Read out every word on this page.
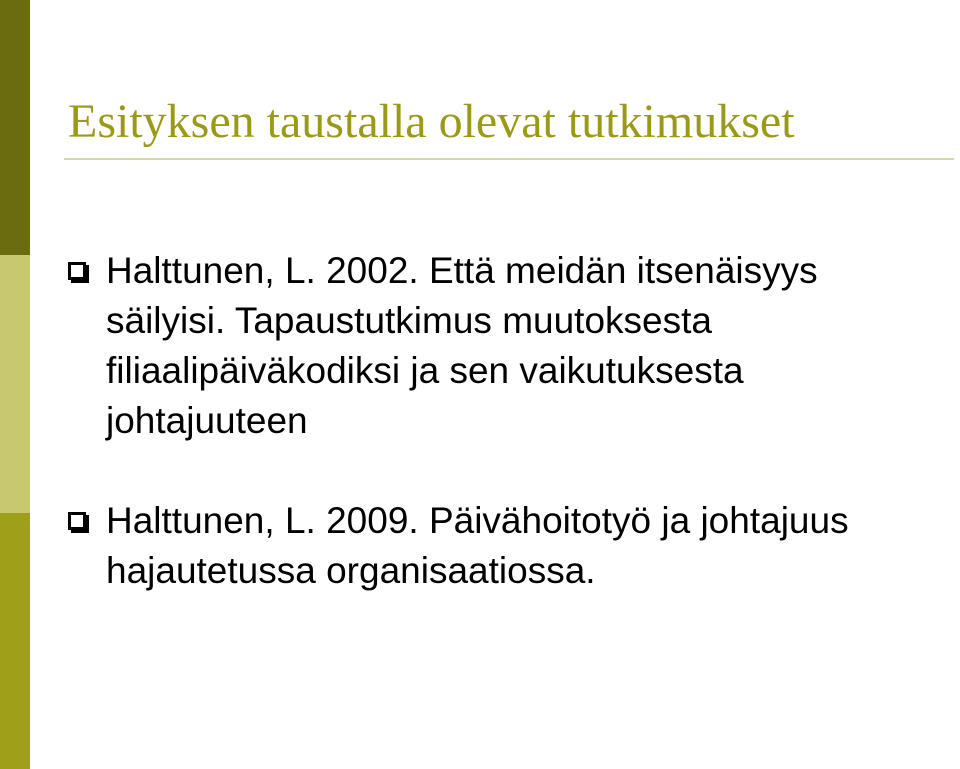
Esityksen taustalla olevat tutkimukset
Halttunen, L. 2002. Että meidän itsenäisyys säilyisi. Tapaustutkimus muutoksesta filiaalipäiväkodiksi ja sen vaikutuksesta johtajuuteen
Halttunen, L. 2009. Päivähoitotyö ja johtajuus hajautetussa organisaatiossa.
